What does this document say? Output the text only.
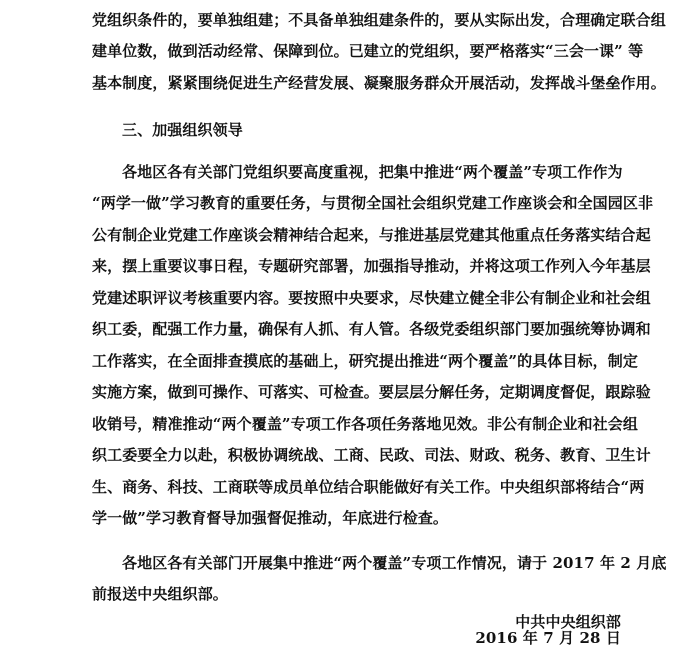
党组织条件的，要单独组建；不具备单独组建条件的，要从实际出发，合理确定联合组
建单位数，做到活动经常、保障到位。已建立的党组织，要严格落实“三会一课” 等
基本制度，紧紧围绕促进生产经营发展、凝聚服务群众开展活动，发挥战斗堡垒作用。
三、加强组织领导
各地区各有关部门党组织要高度重视，把集中推进“两个覆盖”专项工作作为
“两学一做”学习教育的重要任务，与贯彻全国社会组织党建工作座谈会和全国园区非
公有制企业党建工作座谈会精神结合起来，与推进基层党建其他重点任务落实结合起
来，摆上重要议事日程，专题研究部署，加强指导推动，并将这项工作列入今年基层
党建述职评议考核重要内容。要按照中央要求，尽快建立健全非公有制企业和社会组
织工委，配强工作力量，确保有人抓、有人管。各级党委组织部门要加强统筹协调和
工作落实，在全面排查摸底的基础上，研究提出推进“两个覆盖”的具体目标，制定
实施方案，做到可操作、可落实、可检查。要层层分解任务，定期调度督促，跟踪验
收销号，精准推动“两个覆盖”专项工作各项任务落地见效。非公有制企业和社会组
织工委要全力以赴，积极协调统战、工商、民政、司法、财政、税务、教育、卫生计
生、商务、科技、工商联等成员单位结合职能做好有关工作。中央组织部将结合“两
学一做”学习教育督导加强督促推动，年底进行检查。
各地区各有关部门开展集中推进“两个覆盖”专项工作情况，请于 2017 年 2 月底
前报送中央组织部。
中共中央组织部
2016 年 7 月 28 日
